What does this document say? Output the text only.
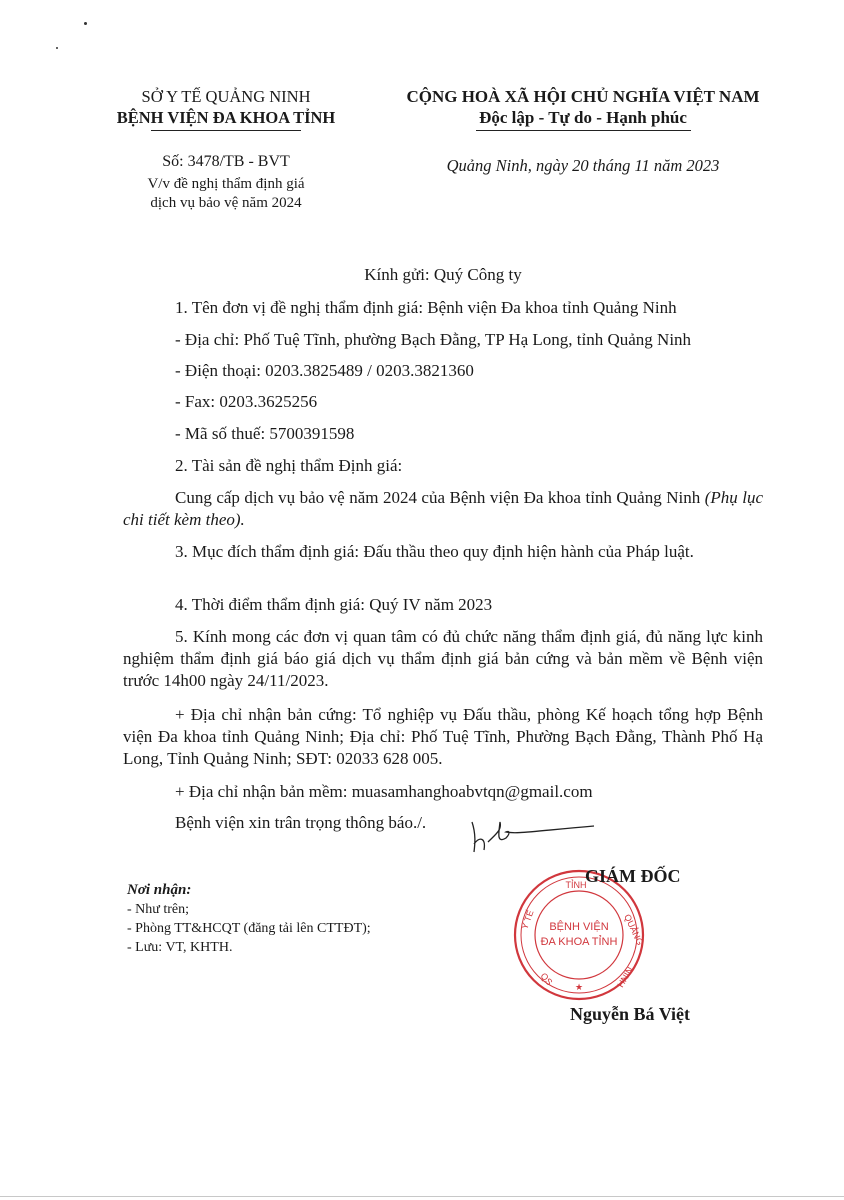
SỞ Y TẾ QUẢNG NINH
BỆNH VIỆN ĐA KHOA TỈNH
CỘNG HOÀ XÃ HỘI CHỦ NGHĨA VIỆT NAM
Độc lập - Tự do - Hạnh phúc
Số: 3478/TB - BVT
V/v đề nghị thẩm định giá
dịch vụ bảo vệ năm 2024
Quảng Ninh, ngày 20 tháng 11 năm 2023
Kính gửi: Quý Công ty
1. Tên đơn vị đề nghị thẩm định giá: Bệnh viện Đa khoa tỉnh Quảng Ninh
- Địa chỉ: Phố Tuệ Tĩnh, phường Bạch Đằng, TP Hạ Long, tỉnh Quảng Ninh
- Điện thoại: 0203.3825489 / 0203.3821360
- Fax: 0203.3625256
- Mã số thuế: 5700391598
2. Tài sản đề nghị thẩm Định giá:
Cung cấp dịch vụ bảo vệ năm 2024 của Bệnh viện Đa khoa tỉnh Quảng Ninh (Phụ lục chi tiết kèm theo).
3. Mục đích thẩm định giá: Đấu thầu theo quy định hiện hành của Pháp luật.
4. Thời điểm thẩm định giá: Quý IV năm 2023
5. Kính mong các đơn vị quan tâm có đủ chức năng thẩm định giá, đủ năng lực kinh nghiệm thẩm định giá báo giá dịch vụ thẩm định giá bản cứng và bản mềm về Bệnh viện trước 14h00 ngày 24/11/2023.
+ Địa chỉ nhận bản cứng: Tổ nghiệp vụ Đấu thầu, phòng Kế hoạch tổng hợp Bệnh viện Đa khoa tỉnh Quảng Ninh; Địa chỉ: Phố Tuệ Tĩnh, Phường Bạch Đằng, Thành Phố Hạ Long, Tỉnh Quảng Ninh; SĐT: 02033 628 005.
+ Địa chỉ nhận bản mềm: muasamhanghoabvtqn@gmail.com
Bệnh viện xin trân trọng thông báo./.
Nơi nhận:
- Như trên;
- Phòng TT&HCQT (đăng tải lên CTTĐT);
- Lưu: VT, KHTH.
TỈNH
Y TẾ	QUẢNG
NINH
QS
BỆNH VIỆN
ĐA KHOA TỈNH
★
GIÁM ĐỐC
Nguyễn Bá Việt
